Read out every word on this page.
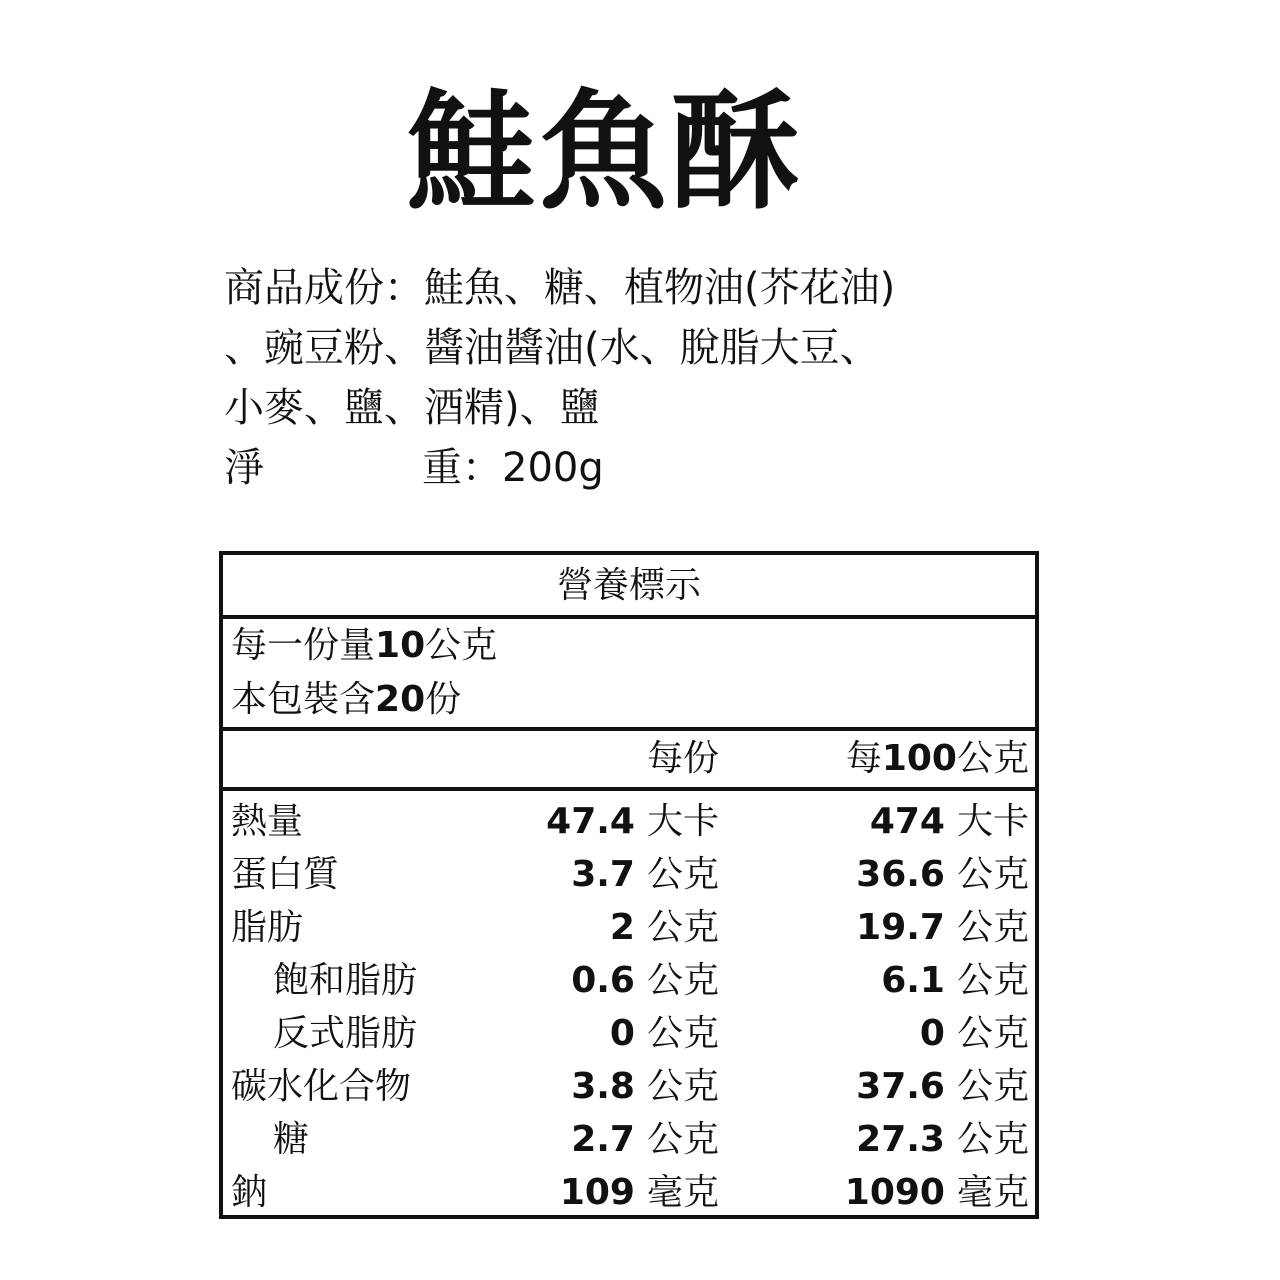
鮭魚酥
商品成份：鮭魚、糖、植物油(芥花油)
、豌豆粉、醬油醬油(水、脫脂大豆、
小麥、鹽、酒精)、鹽
淨	重 ： 200g
營養標示
每一份量10公克
本包裝含20份
每份	每100公克
熱量	47.4 大卡	474 大卡
蛋白質	3.7 公克	36.6 公克
脂肪	2 公克	19.7 公克
飽和脂肪	0.6 公克	6.1 公克
反式脂肪	0 公克	0 公克
碳水化合物	3.8 公克	37.6 公克
糖	2.7 公克	27.3 公克
鈉	109 毫克	1090 毫克
